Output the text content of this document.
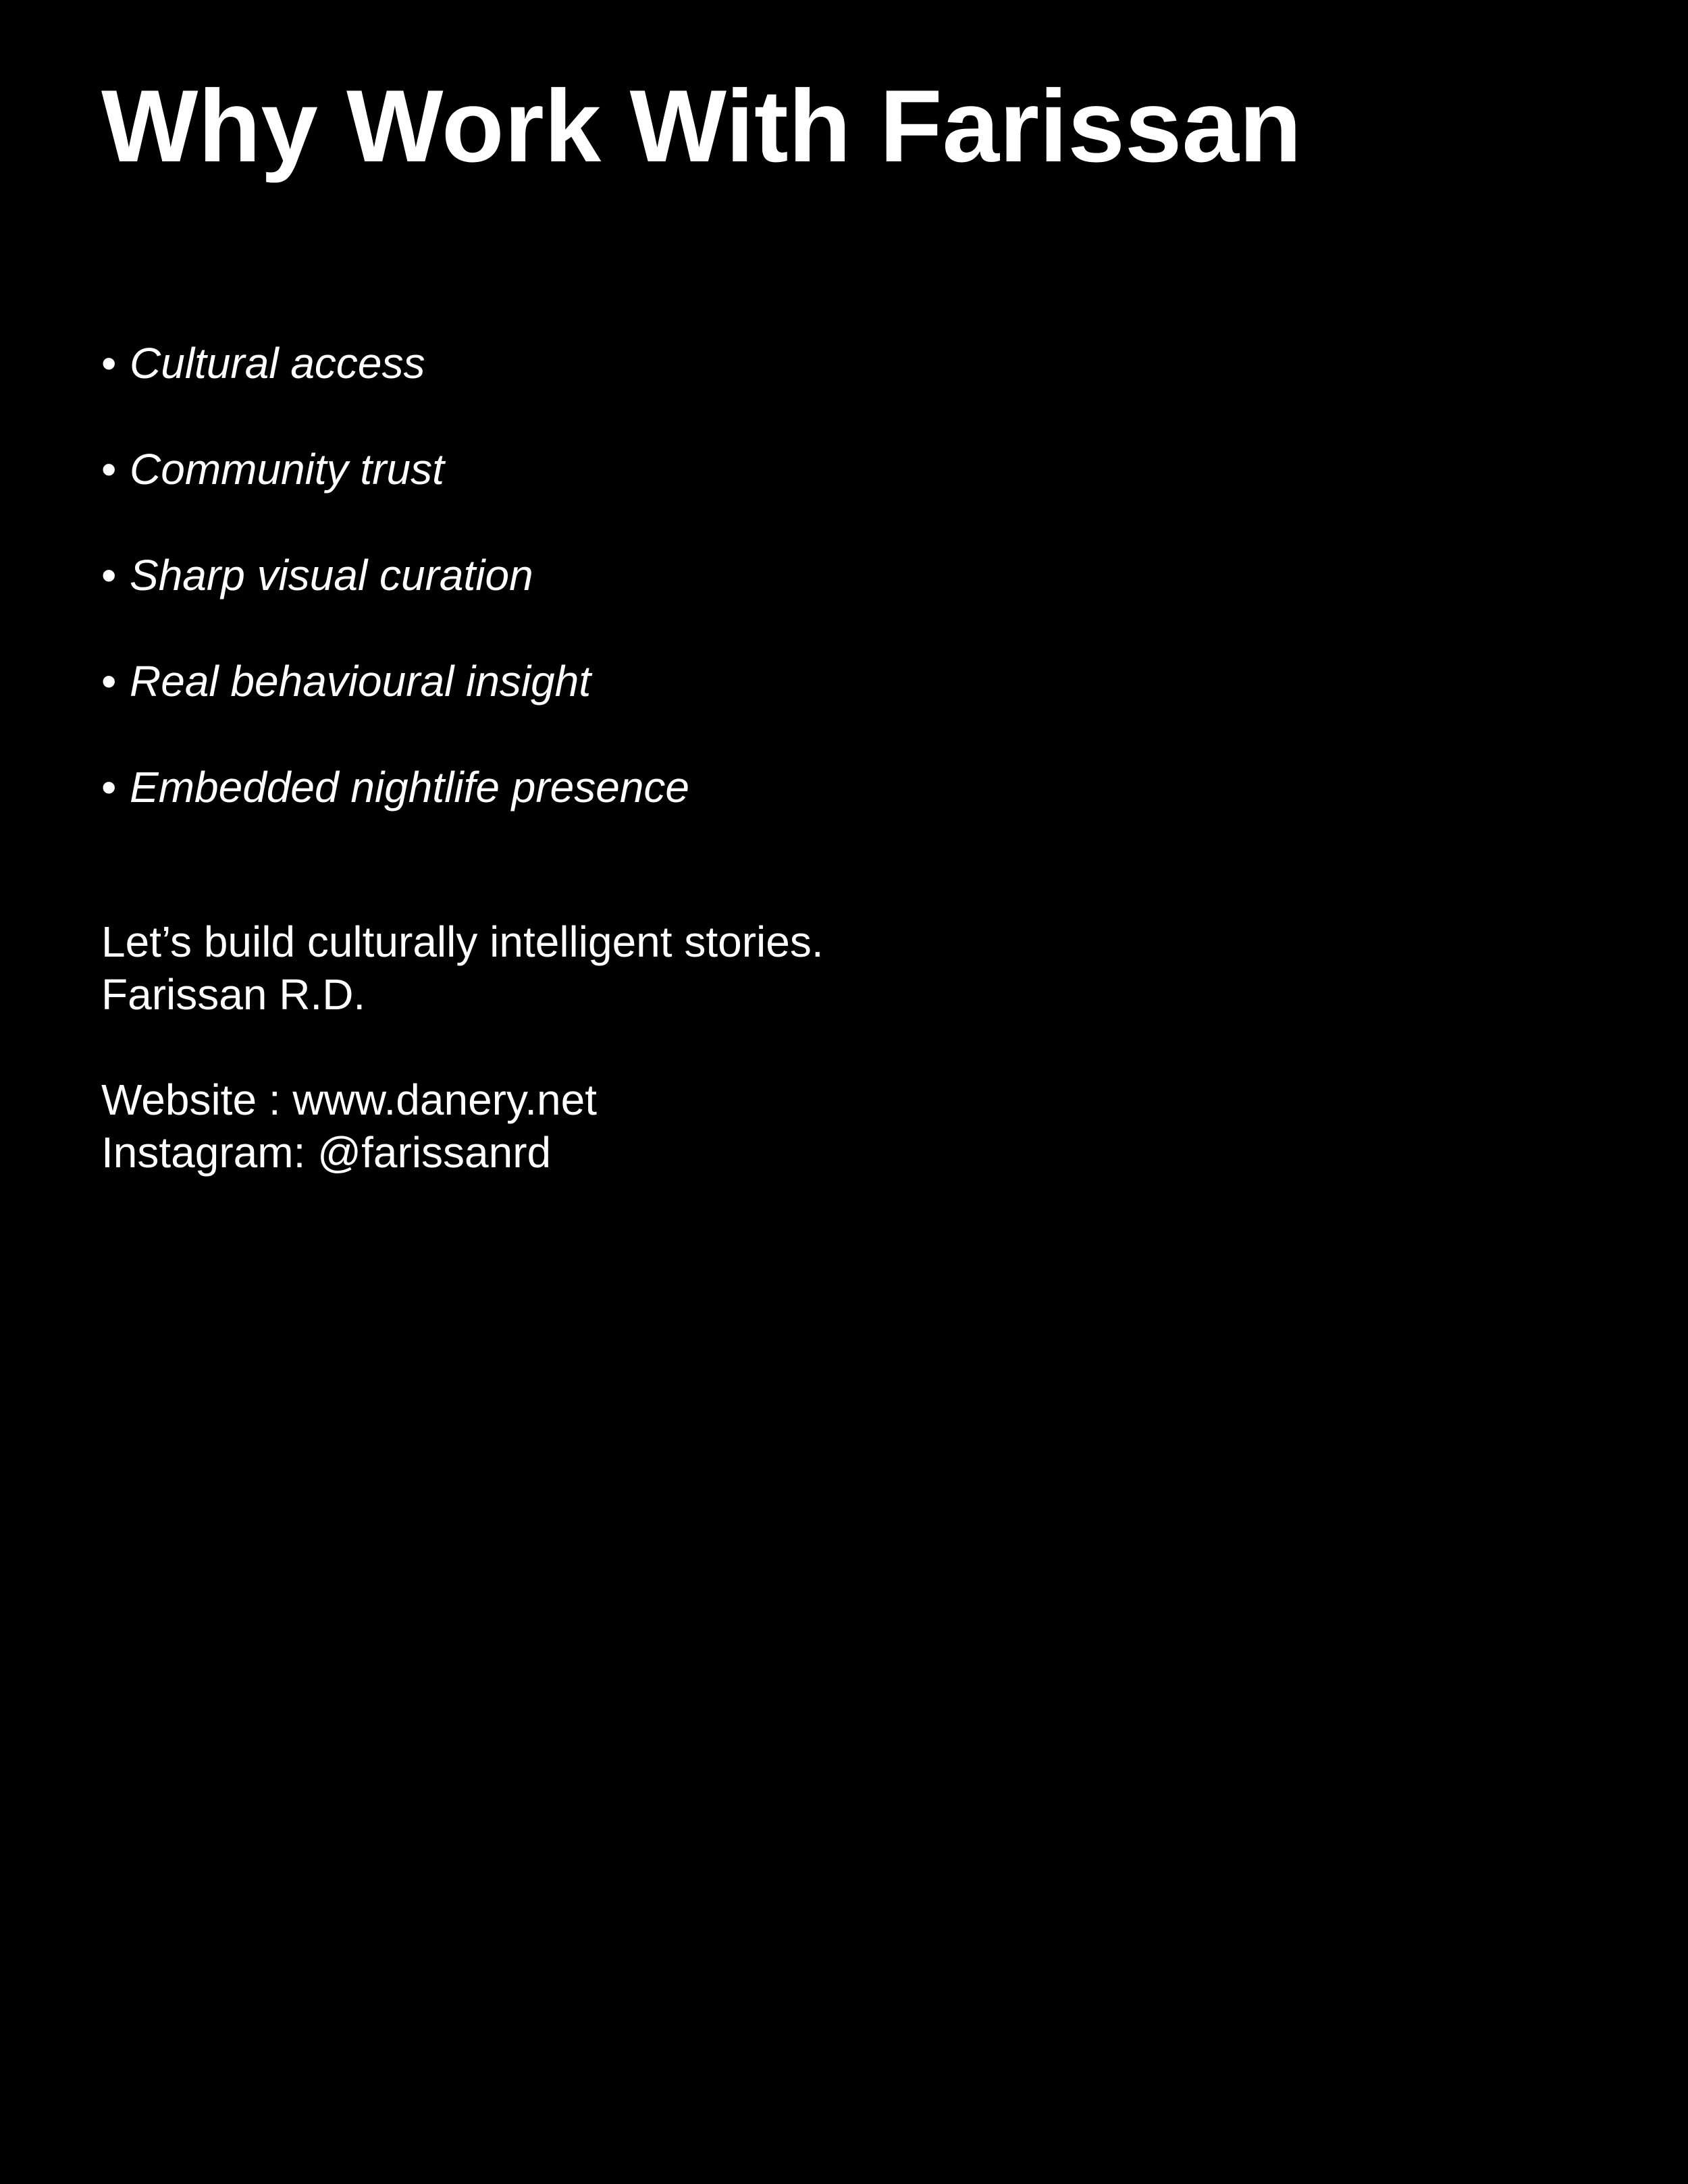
Why Work With Farissan
• Cultural access
• Community trust
• Sharp visual curation
• Real behavioural insight
• Embedded nightlife presence
Let’s build culturally intelligent stories.
Farissan R.D.
Website : www.danery.net
Instagram: @farissanrd
